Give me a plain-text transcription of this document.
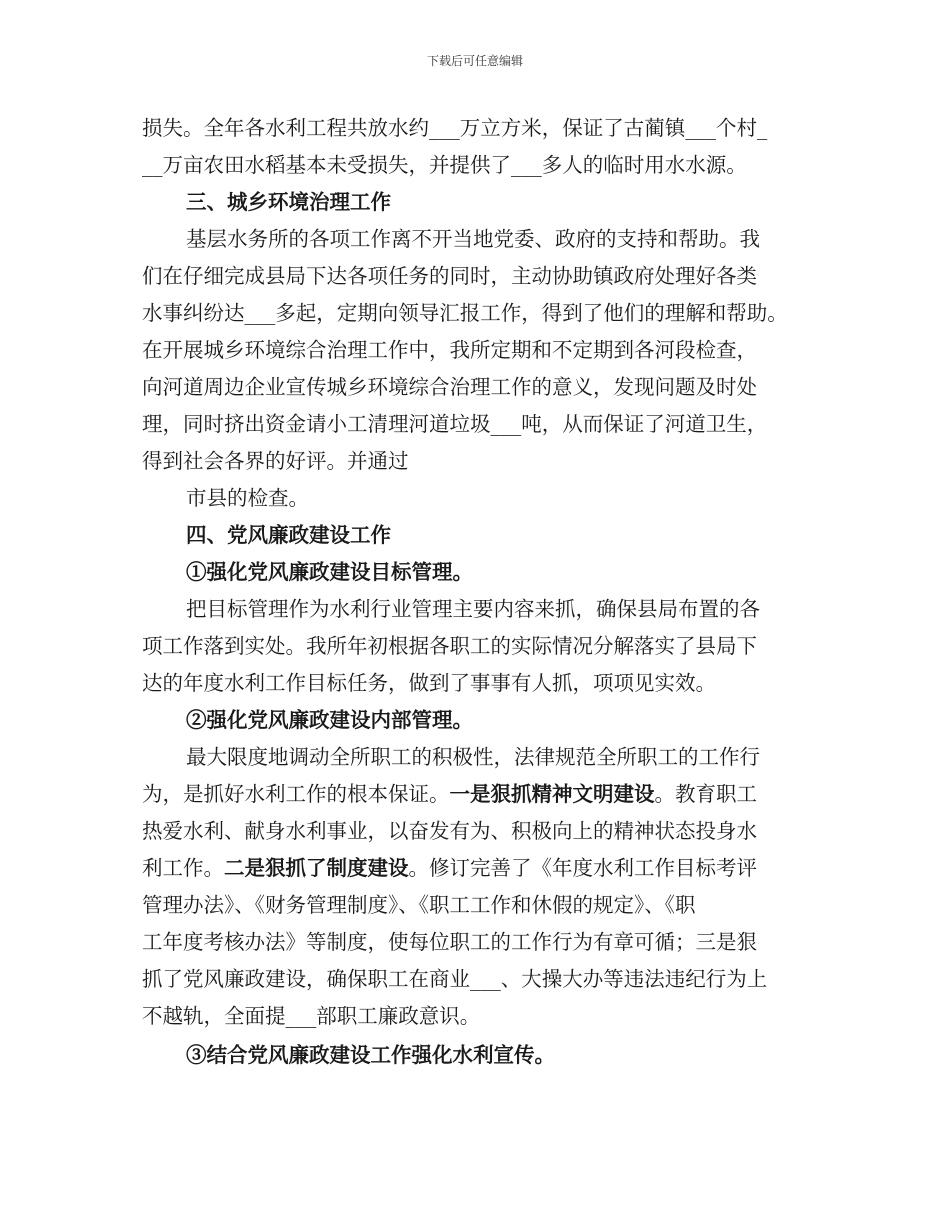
下载后可任意编辑
损失。全年各水利工程共放水约___万立方米，保证了古蔺镇___个村_
__万亩农田水稻基本未受损失，并提供了___多人的临时用水水源。
三、城乡环境治理工作
基层水务所的各项工作离不开当地党委、政府的支持和帮助。我
们在仔细完成县局下达各项任务的同时，主动协助镇政府处理好各类
水事纠纷达___多起，定期向领导汇报工作，得到了他们的理解和帮助。
在开展城乡环境综合治理工作中，我所定期和不定期到各河段检查，
向河道周边企业宣传城乡环境综合治理工作的意义，发现问题及时处
理，同时挤出资金请小工清理河道垃圾___吨，从而保证了河道卫生，
得到社会各界的好评。并通过
市县的检查。
四、党风廉政建设工作
①强化党风廉政建设目标管理。
把目标管理作为水利行业管理主要内容来抓，确保县局布置的各
项工作落到实处。我所年初根据各职工的实际情况分解落实了县局下
达的年度水利工作目标任务，做到了事事有人抓，项项见实效。
②强化党风廉政建设内部管理。
最大限度地调动全所职工的积极性，法律规范全所职工的工作行
为，是抓好水利工作的根本保证。一是狠抓精神文明建设。教育职工
热爱水利、献身水利事业，以奋发有为、积极向上的精神状态投身水
利工作。二是狠抓了制度建设。修订完善了《年度水利工作目标考评
管理办法》、《财务管理制度》、《职工工作和休假的规定》、《职
工年度考核办法》等制度，使每位职工的工作行为有章可循；三是狠
抓了党风廉政建设，确保职工在商业___、大操大办等违法违纪行为上
不越轨，全面提___部职工廉政意识。
③结合党风廉政建设工作强化水利宣传。
